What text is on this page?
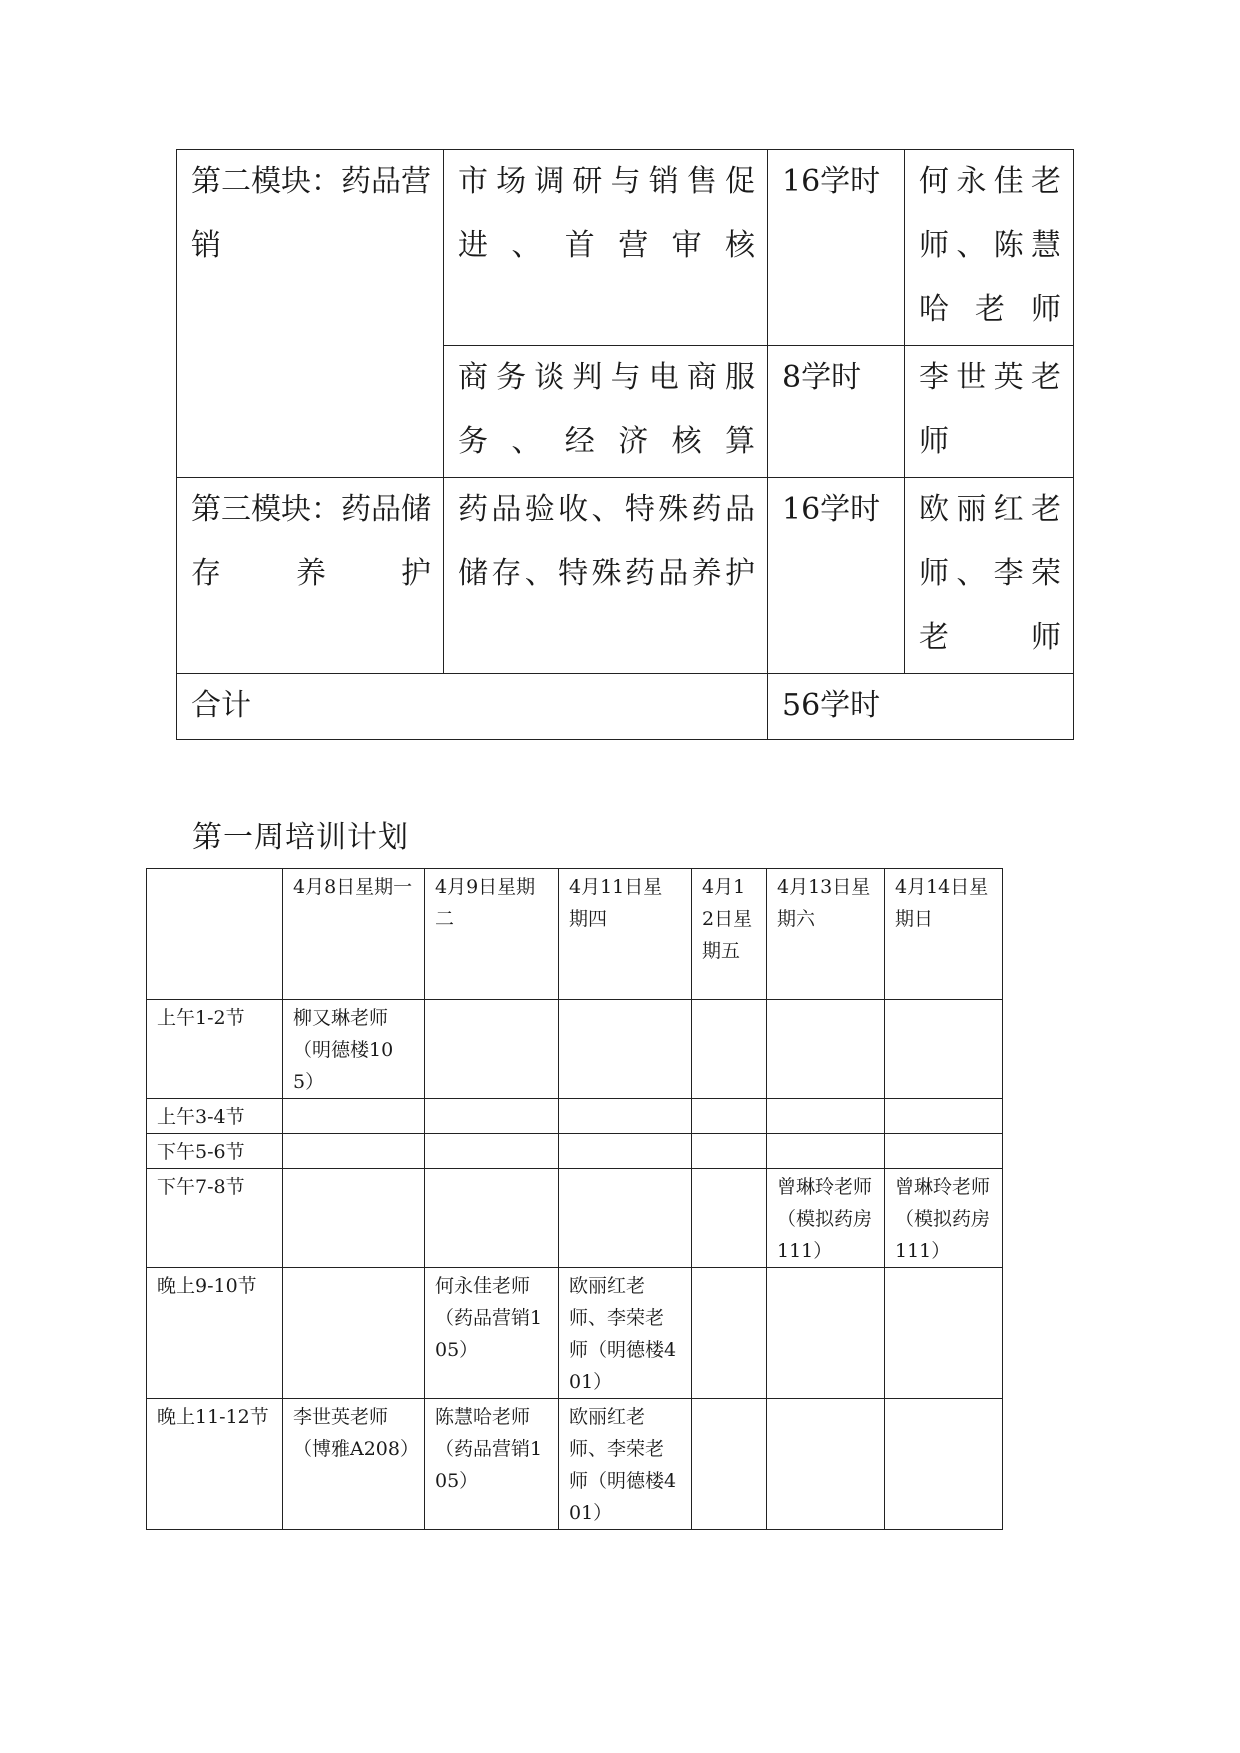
第二模块：药品营销	市场调研与销售促进、首营审核	16学时	何永佳老师、陈慧哈老师
	商务谈判与电商服务、经济核算	8学时	李世英老师
第三模块：药品储存养护	药品验收、特殊药品储存、特殊药品养护	16学时	欧丽红老师、李荣老师
合计		56学时	
第一周培训计划
	4月8日星期一	4月9日星期二	4月11日星期四	4月12日星期五	4月13日星期六	4月14日星期日
上午1-2节	柳又琳老师（明德楼105）					
上午3-4节						
下午5-6节						
下午7-8节					曾琳玲老师（模拟药房111）	曾琳玲老师（模拟药房111）
晚上9-10节		何永佳老师（药品营销105）	欧丽红老师、李荣老师（明德楼401）			
晚上11-12节	李世英老师（博雅A208）	陈慧哈老师（药品营销105）	欧丽红老师、李荣老师（明德楼401）			
